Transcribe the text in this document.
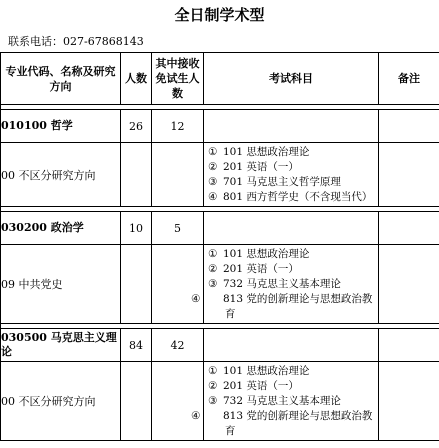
全日制学术型
联系电话：027-67868143
专业代码、名称及研究方向	人数	其中接收免试生人数	考试科目	备注

010100 哲学	26	12		
00 不区分研究方向			① 101 思想政治理论
② 201 英语（一）
③ 701 马克思主义哲学原理
④ 801 西方哲学史（不含现当代）	

030200 政治学	10	5		
09 中共党史			① 101 思想政治理论
② 201 英语（一）
③ 732 马克思主义基本理论
④ 813 党的创新理论与思想政治教育	

030500 马克思主义理论	84	42		
00 不区分研究方向			① 101 思想政治理论
② 201 英语（一）
③ 732 马克思主义基本理论
④ 813 党的创新理论与思想政治教育	
